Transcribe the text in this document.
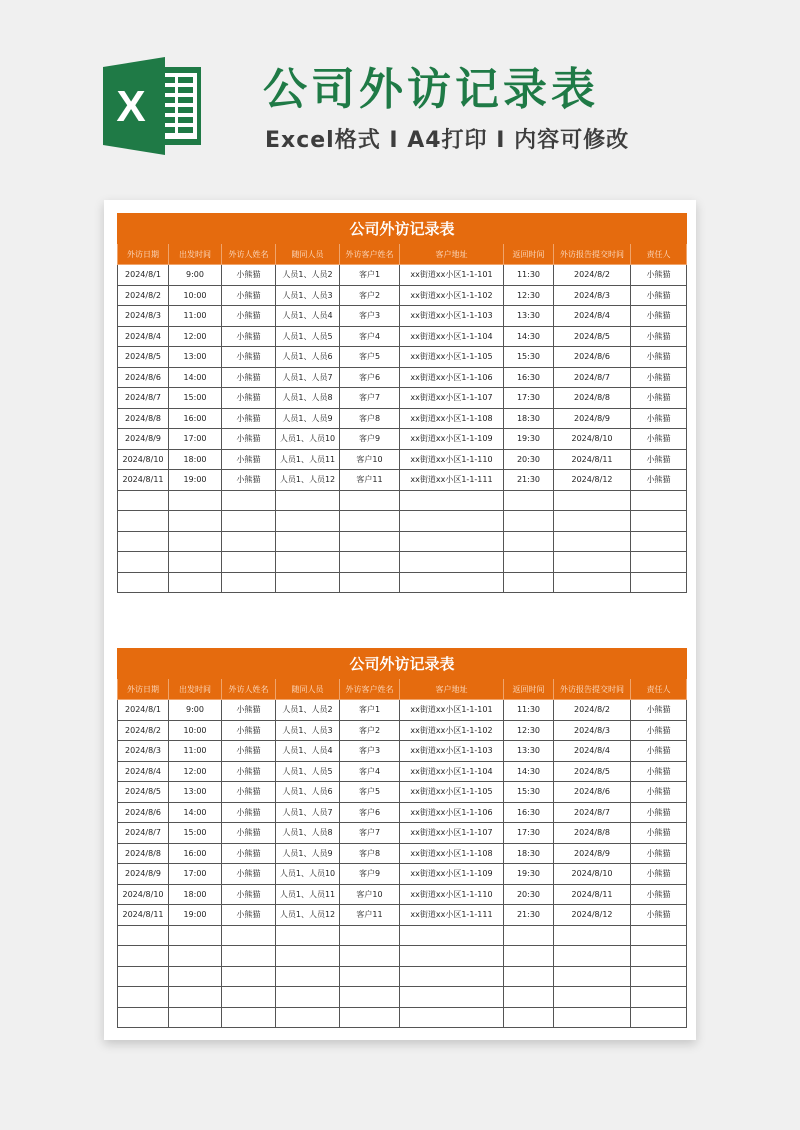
X	公司外访记录表
Excel格式 I A4打印 I 内容可修改
公司外访记录表								
外访日期	出发时间	外访人姓名	随同人员	外访客户姓名	客户地址	返回时间	外访报告提交时间	责任人
2024/8/1	9:00	小熊猫	人员1、人员2	客户1	xx街道xx小区1-1-101	11:30	2024/8/2	小熊猫
2024/8/2	10:00	小熊猫	人员1、人员3	客户2	xx街道xx小区1-1-102	12:30	2024/8/3	小熊猫
2024/8/3	11:00	小熊猫	人员1、人员4	客户3	xx街道xx小区1-1-103	13:30	2024/8/4	小熊猫
2024/8/4	12:00	小熊猫	人员1、人员5	客户4	xx街道xx小区1-1-104	14:30	2024/8/5	小熊猫
2024/8/5	13:00	小熊猫	人员1、人员6	客户5	xx街道xx小区1-1-105	15:30	2024/8/6	小熊猫
2024/8/6	14:00	小熊猫	人员1、人员7	客户6	xx街道xx小区1-1-106	16:30	2024/8/7	小熊猫
2024/8/7	15:00	小熊猫	人员1、人员8	客户7	xx街道xx小区1-1-107	17:30	2024/8/8	小熊猫
2024/8/8	16:00	小熊猫	人员1、人员9	客户8	xx街道xx小区1-1-108	18:30	2024/8/9	小熊猫
2024/8/9	17:00	小熊猫	人员1、人员10	客户9	xx街道xx小区1-1-109	19:30	2024/8/10	小熊猫
2024/8/10	18:00	小熊猫	人员1、人员11	客户10	xx街道xx小区1-1-110	20:30	2024/8/11	小熊猫
2024/8/11	19:00	小熊猫	人员1、人员12	客户11	xx街道xx小区1-1-111	21:30	2024/8/12	小熊猫

公司外访记录表								
外访日期	出发时间	外访人姓名	随同人员	外访客户姓名	客户地址	返回时间	外访报告提交时间	责任人
2024/8/1	9:00	小熊猫	人员1、人员2	客户1	xx街道xx小区1-1-101	11:30	2024/8/2	小熊猫
2024/8/2	10:00	小熊猫	人员1、人员3	客户2	xx街道xx小区1-1-102	12:30	2024/8/3	小熊猫
2024/8/3	11:00	小熊猫	人员1、人员4	客户3	xx街道xx小区1-1-103	13:30	2024/8/4	小熊猫
2024/8/4	12:00	小熊猫	人员1、人员5	客户4	xx街道xx小区1-1-104	14:30	2024/8/5	小熊猫
2024/8/5	13:00	小熊猫	人员1、人员6	客户5	xx街道xx小区1-1-105	15:30	2024/8/6	小熊猫
2024/8/6	14:00	小熊猫	人员1、人员7	客户6	xx街道xx小区1-1-106	16:30	2024/8/7	小熊猫
2024/8/7	15:00	小熊猫	人员1、人员8	客户7	xx街道xx小区1-1-107	17:30	2024/8/8	小熊猫
2024/8/8	16:00	小熊猫	人员1、人员9	客户8	xx街道xx小区1-1-108	18:30	2024/8/9	小熊猫
2024/8/9	17:00	小熊猫	人员1、人员10	客户9	xx街道xx小区1-1-109	19:30	2024/8/10	小熊猫
2024/8/10	18:00	小熊猫	人员1、人员11	客户10	xx街道xx小区1-1-110	20:30	2024/8/11	小熊猫
2024/8/11	19:00	小熊猫	人员1、人员12	客户11	xx街道xx小区1-1-111	21:30	2024/8/12	小熊猫
